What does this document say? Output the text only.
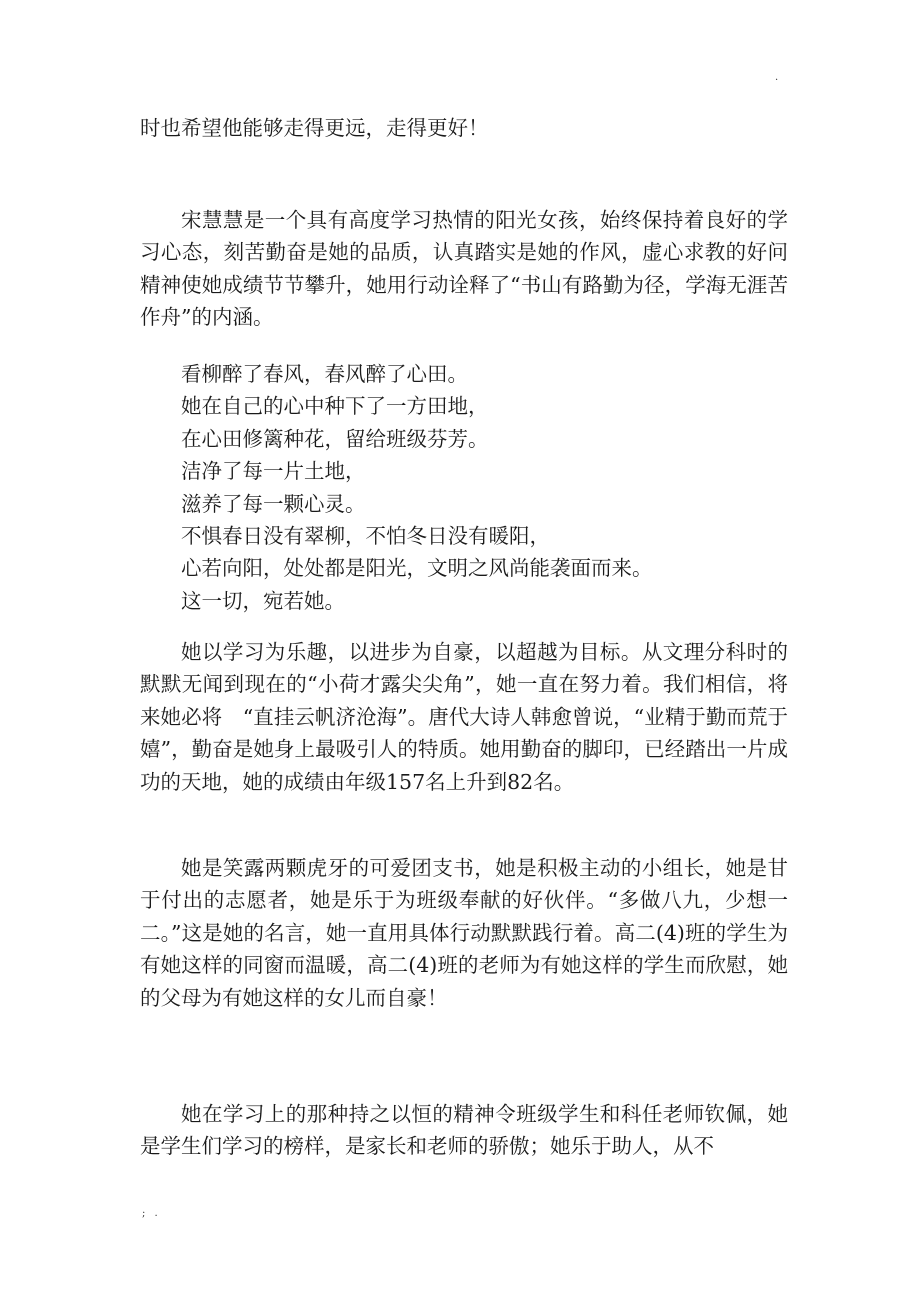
.

时也希望他能够走得更远，走得更好！

宋慧慧是一个具有高度学习热情的阳光女孩，始终保持着良好的学习心态，刻苦勤奋是她的品质，认真踏实是她的作风，虚心求教的好问精神使她成绩节节攀升，她用行动诠释了“书山有路勤为径，学海无涯苦作舟”的内涵。

看柳醉了春风，春风醉了心田。

她在自己的心中种下了一方田地，

在心田修篱种花，留给班级芬芳。

洁净了每一片土地，

滋养了每一颗心灵。

不惧春日没有翠柳，不怕冬日没有暖阳，

心若向阳，处处都是阳光，文明之风尚能袭面而来。

这一切，宛若她。

她以学习为乐趣，以进步为自豪，以超越为目标。从文理分科时的默默无闻到现在的“小荷才露尖尖角”，她一直在努力着。我们相信，将来她必将　“直挂云帆济沧海”。唐代大诗人韩愈曾说，“业精于勤而荒于嬉”，勤奋是她身上最吸引人的特质。她用勤奋的脚印，已经踏出一片成功的天地，她的成绩由年级157名上升到82名。

她是笑露两颗虎牙的可爱团支书，她是积极主动的小组长，她是甘于付出的志愿者，她是乐于为班级奉献的好伙伴。“多做八九，少想一二。”这是她的名言，她一直用具体行动默默践行着。高二(4)班的学生为有她这样的同窗而温暖，高二(4)班的老师为有她这样的学生而欣慰，她的父母为有她这样的女儿而自豪！

她在学习上的那种持之以恒的精神令班级学生和科任老师钦佩，她是学生们学习的榜样，是家长和老师的骄傲；她乐于助人，从不

; .
